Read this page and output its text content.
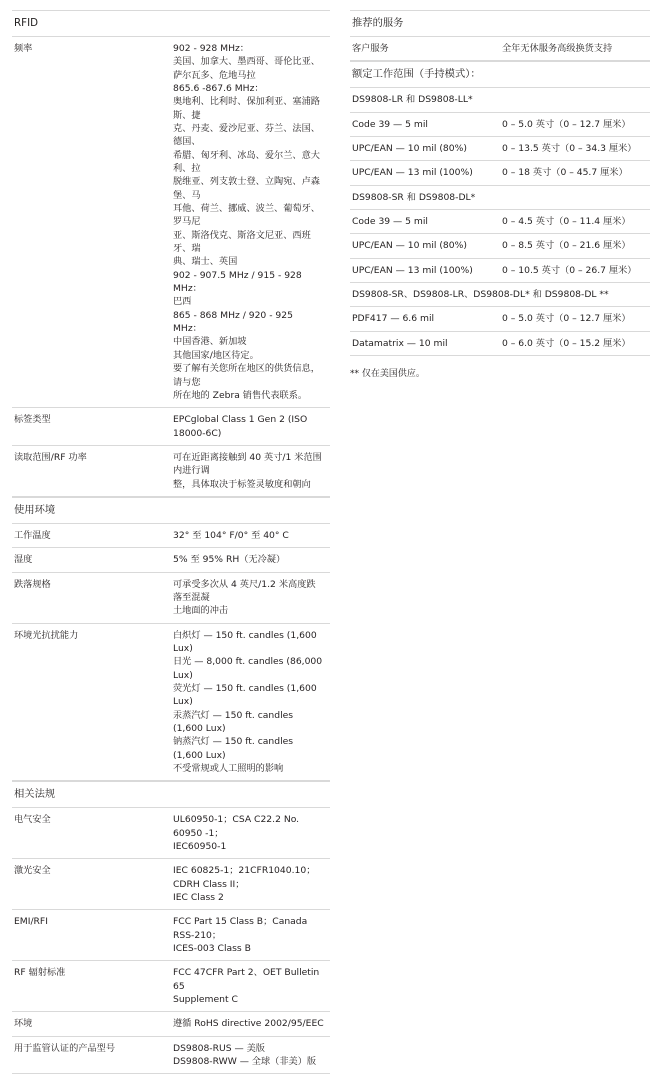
RFID	
频率	902 - 928 MHz：
美国、加拿大、墨西哥、哥伦比亚、
萨尔瓦多、危地马拉
865.6 -867.6 MHz：
奥地利、比利时、保加利亚、塞浦路斯、捷
克、丹麦、爱沙尼亚、芬兰、法国、德国、
希腊、匈牙利、冰岛、爱尔兰、意大利、拉
脱维亚、列支敦士登、立陶宛、卢森堡、马
耳他、荷兰、挪威、波兰、葡萄牙、罗马尼
亚、斯洛伐克、斯洛文尼亚、西班牙、瑞
典、瑞士、英国
902 - 907.5 MHz / 915 - 928 MHz：
巴西
865 - 868 MHz / 920 - 925 MHz：
中国香港、新加坡
其他国家/地区待定。
要了解有关您所在地区的供货信息，请与您
所在地的 Zebra 销售代表联系。

标签类型	EPCglobal Class 1 Gen 2 (ISO 18000-6C)

读取范围/RF 功率	可在近距离接触到 40 英寸/1 米范围内进行调
整，具体取决于标签灵敏度和朝向
使用环境	
工作温度	32° 至 104° F/0° 至 40° C

湿度	5% 至 95% RH（无冷凝）

跌落规格	可承受多次从 4 英尺/1.2 米高度跌落至混凝
土地面的冲击

环境光抗扰能力	白炽灯 — 150 ft. candles (1,600 Lux)
日光 — 8,000 ft. candles (86,000 Lux)
荧光灯 — 150 ft. candles (1,600 Lux)
汞蒸汽灯 — 150 ft. candles (1,600 Lux)
钠蒸汽灯 — 150 ft. candles (1,600 Lux)
不受常规或人工照明的影响
相关法规	
电气安全	UL60950-1；CSA C22.2 No. 60950 -1；
IEC60950-1

激光安全	IEC 60825-1；21CFR1040.10；CDRH Class II；
IEC Class 2

EMI/RFI	FCC Part 15 Class B；Canada RSS-210；
ICES-003 Class B

RF 辐射标准	FCC 47CFR Part 2、OET Bulletin 65
Supplement C

环境	遵循 RoHS directive 2002/95/EEC

用于监管认证的产品型号	DS9808-RUS — 美版
DS9808-RWW — 全球（非美）版
推荐的服务
客户服务	全年无休服务高级换货支持
额定工作范围（手持模式）：	
DS9808-LR 和 DS9808-LL*	
Code 39 — 5 mil	0 – 5.0 英寸（0 – 12.7 厘米）
UPC/EAN — 10 mil (80%)	0 – 13.5 英寸（0 – 34.3 厘米）
UPC/EAN — 13 mil (100%)	0 – 18 英寸（0 – 45.7 厘米）
DS9808-SR 和 DS9808-DL*	
Code 39 — 5 mil	0 – 4.5 英寸（0 – 11.4 厘米）
UPC/EAN — 10 mil (80%)	0 – 8.5 英寸（0 – 21.6 厘米）
UPC/EAN — 13 mil (100%)	0 – 10.5 英寸（0 – 26.7 厘米）
DS9808-SR、DS9808-LR、DS9808-DL* 和 DS9808-DL **	
PDF417 — 6.6 mil	0 – 5.0 英寸（0 – 12.7 厘米）
Datamatrix — 10 mil	0 – 6.0 英寸（0 – 15.2 厘米）
** 仅在美国供应。
